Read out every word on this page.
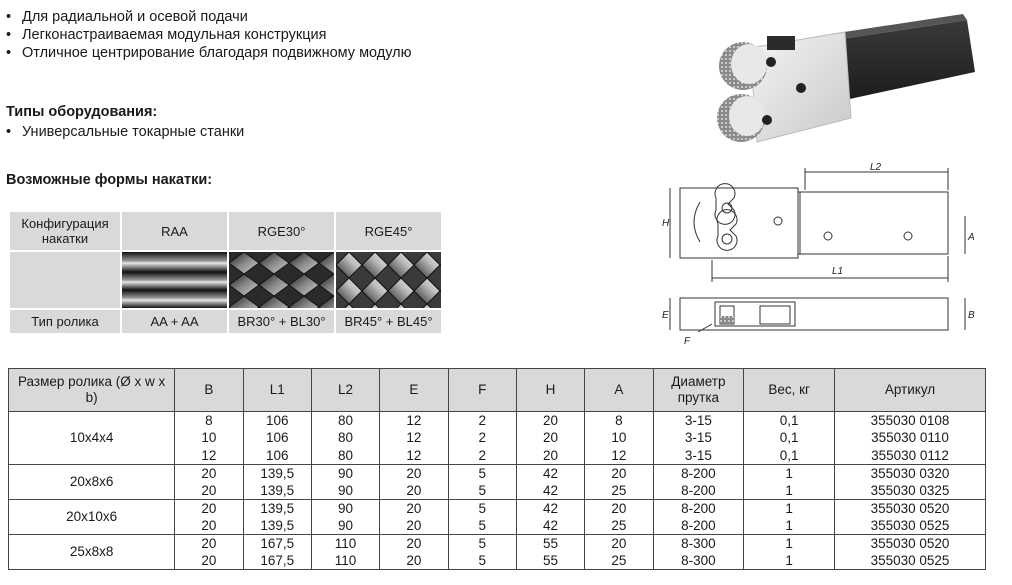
• Для радиальной и осевой подачи
• Легконастраиваемая модульная конструкция
• Отличное центрирование благодаря подвижному модулю

Типы оборудования:

• Универсальные токарные станки

Возможные формы накатки:

Конфигурация накатки	RAA	RGE30°	RGE45°

Тип ролика	AA + AA	BR30° + BL30°	BR45° + BL45°
L2
L1
H
A
E	B
F
Размер ролика (Ø x w x b)	B	L1	L2	E	F	H	A	Диаметр прутка	Вес, кг	Артикул
10x4x4	8	106	80	12	2	20	8	3-15	0,1	355030 0108
	10	106	80	12	2	20	10	3-15	0,1	355030 0110
	12	106	80	12	2	20	12	3-15	0,1	355030 0112
20x8x6	20	139,5	90	20	5	42	20	8-200	1	355030 0320
	20	139,5	90	20	5	42	25	8-200	1	355030 0325
20x10x6	20	139,5	90	20	5	42	20	8-200	1	355030 0520
	20	139,5	90	20	5	42	25	8-200	1	355030 0525
25x8x8	20	167,5	110	20	5	55	20	8-300	1	355030 0520
	20	167,5	110	20	5	55	25	8-300	1	355030 0525
